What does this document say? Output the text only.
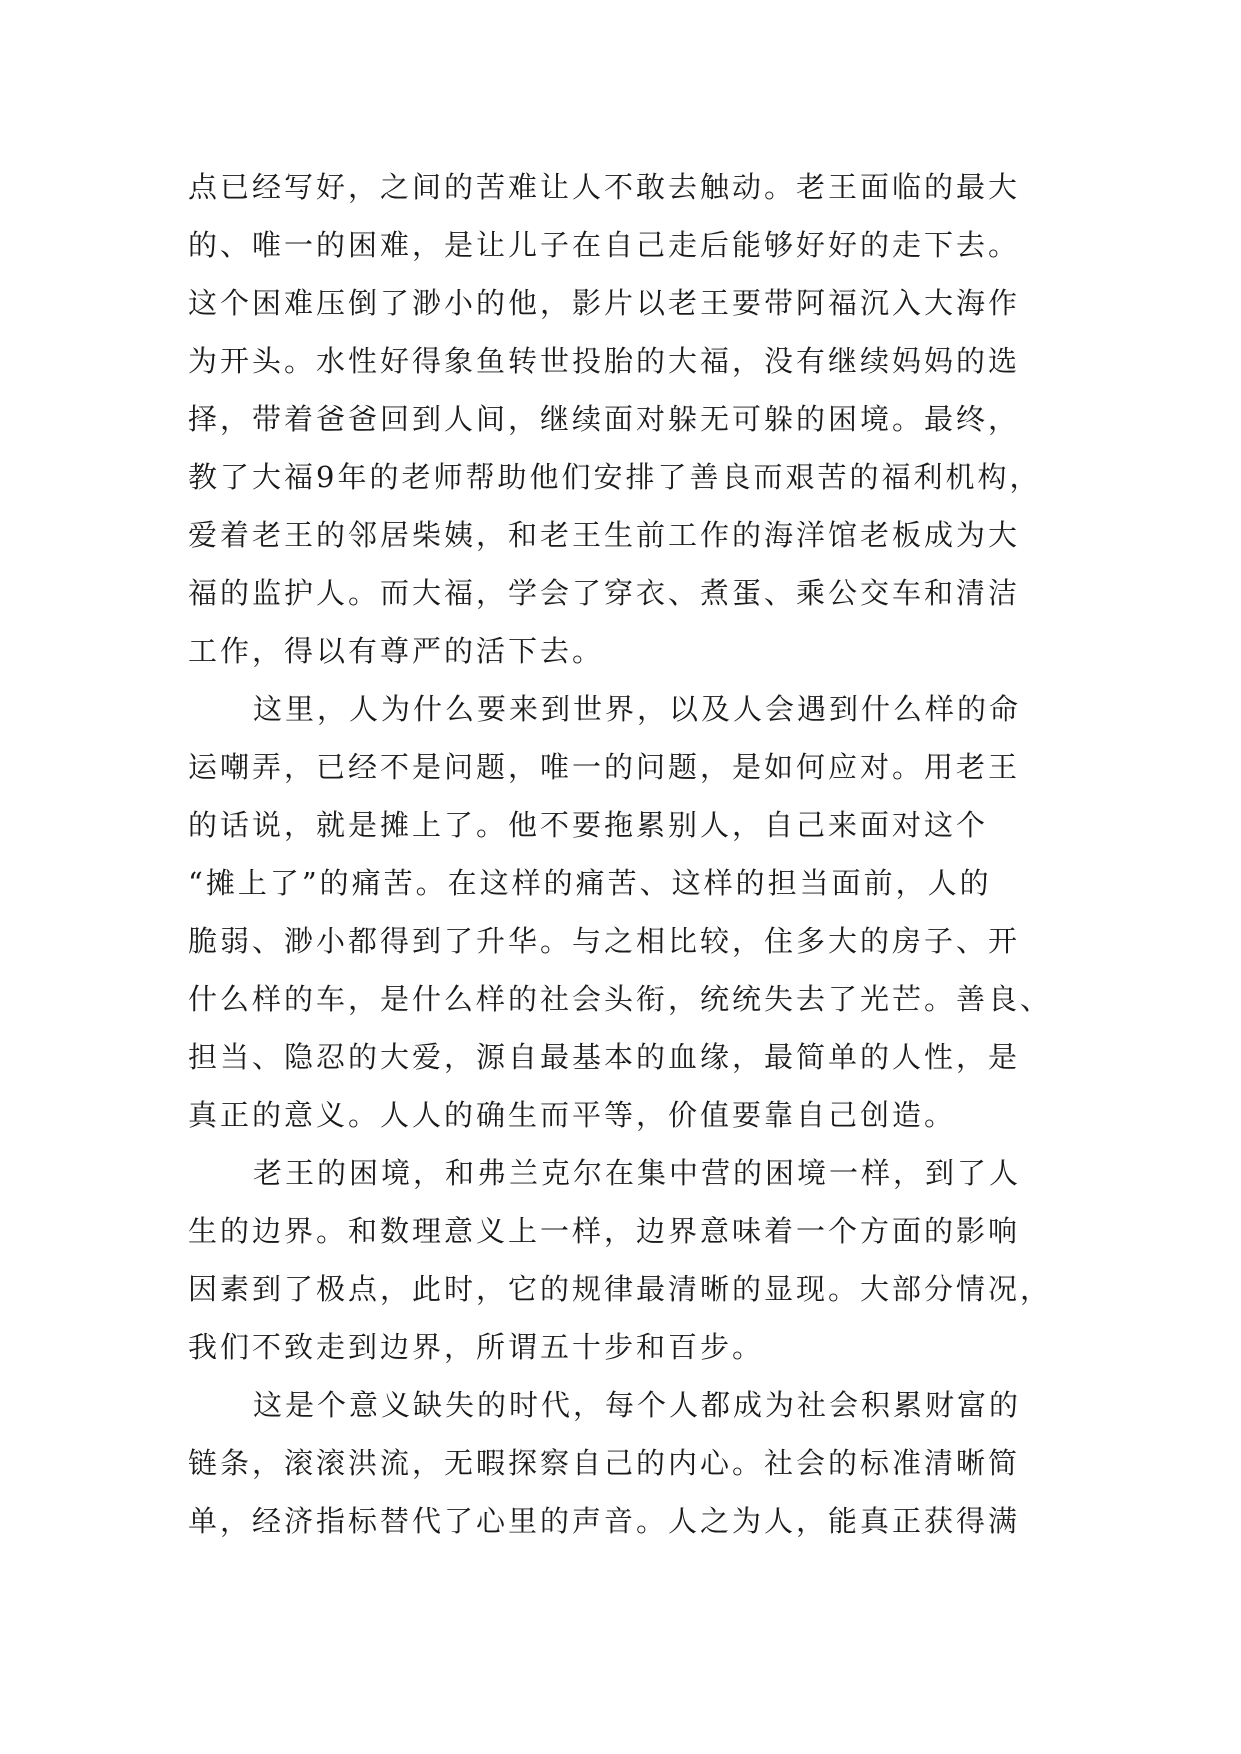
点已经写好，之间的苦难让人不敢去触动。老王面临的最大
的、唯一的困难，是让儿子在自己走后能够好好的走下去。
这个困难压倒了渺小的他，影片以老王要带阿福沉入大海作
为开头。水性好得象鱼转世投胎的大福，没有继续妈妈的选
择，带着爸爸回到人间，继续面对躲无可躲的困境。最终，
教了大福9年的老师帮助他们安排了善良而艰苦的福利机构，
爱着老王的邻居柴姨，和老王生前工作的海洋馆老板成为大
福的监护人。而大福，学会了穿衣、煮蛋、乘公交车和清洁
工作，得以有尊严的活下去。
这里，人为什么要来到世界，以及人会遇到什么样的命
运嘲弄，已经不是问题，唯一的问题，是如何应对。用老王
的话说，就是摊上了。他不要拖累别人，自己来面对这个
“摊上了”的痛苦。在这样的痛苦、这样的担当面前，人的
脆弱、渺小都得到了升华。与之相比较，住多大的房子、开
什么样的车，是什么样的社会头衔，统统失去了光芒。善良、
担当、隐忍的大爱，源自最基本的血缘，最简单的人性，是
真正的意义。人人的确生而平等，价值要靠自己创造。
老王的困境，和弗兰克尔在集中营的困境一样，到了人
生的边界。和数理意义上一样，边界意味着一个方面的影响
因素到了极点，此时，它的规律最清晰的显现。大部分情况，
我们不致走到边界，所谓五十步和百步。
这是个意义缺失的时代，每个人都成为社会积累财富的
链条，滚滚洪流，无暇探察自己的内心。社会的标准清晰简
单，经济指标替代了心里的声音。人之为人，能真正获得满
